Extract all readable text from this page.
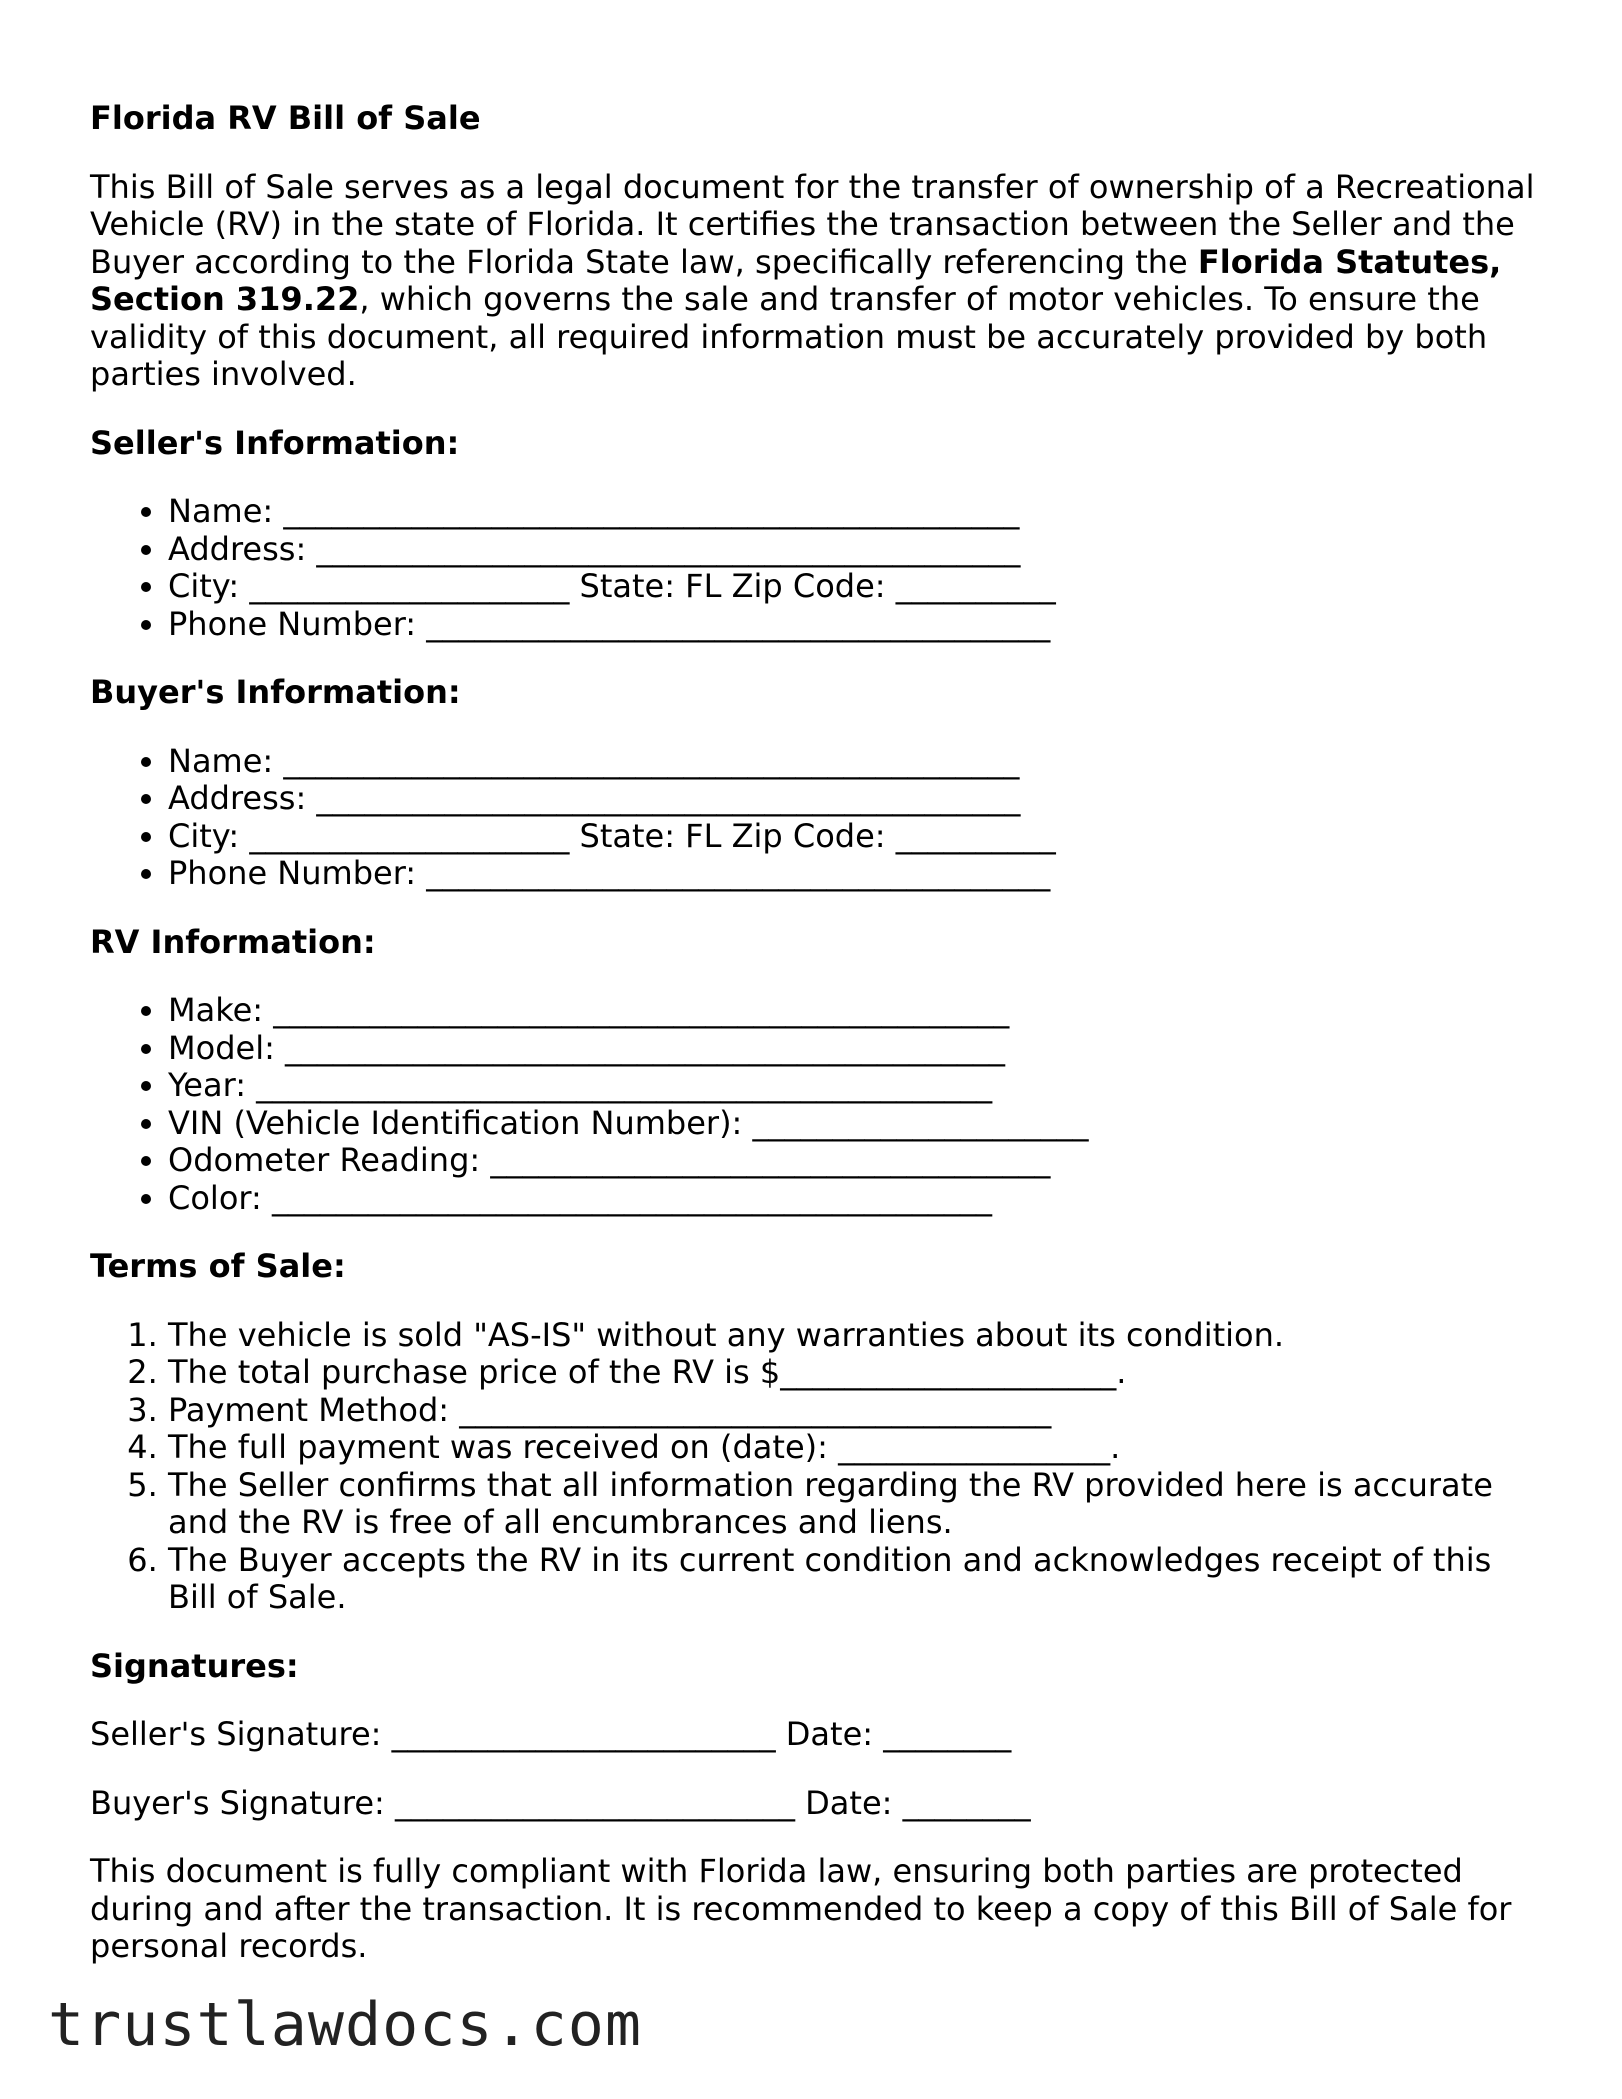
Florida RV Bill of Sale

This Bill of Sale serves as a legal document for the transfer of ownership of a Recreational Vehicle (RV) in the state of Florida. It certifies the transaction between the Seller and the Buyer according to the Florida State law, specifically referencing the Florida Statutes, Section 319.22, which governs the sale and transfer of motor vehicles. To ensure the validity of this document, all required information must be accurately provided by both parties involved.

Seller's Information:
• Name: ______________________________________________
• Address: ____________________________________________
• City: ____________________ State: FL Zip Code: __________
• Phone Number: _______________________________________
Buyer's Information:
• Name: ______________________________________________
• Address: ____________________________________________
• City: ____________________ State: FL Zip Code: __________
• Phone Number: _______________________________________
RV Information:
• Make: ______________________________________________
• Model: _____________________________________________
• Year: ______________________________________________
• VIN (Vehicle Identification Number): _____________________
• Odometer Reading: ___________________________________
• Color: _____________________________________________
Terms of Sale:
1. The vehicle is sold "AS-IS" without any warranties about its condition.
2. The total purchase price of the RV is $_____________________.
3. Payment Method: _____________________________________
4. The full payment was received on (date): _________________.
5. The Seller confirms that all information regarding the RV provided here is accurate and the RV is free of all encumbrances and liens.
6. The Buyer accepts the RV in its current condition and acknowledges receipt of this Bill of Sale.
Signatures:

Seller's Signature: ________________________ Date: ________

Buyer's Signature: _________________________ Date: ________

This document is fully compliant with Florida law, ensuring both parties are protected during and after the transaction. It is recommended to keep a copy of this Bill of Sale for personal records.

trustlawdocs.com
